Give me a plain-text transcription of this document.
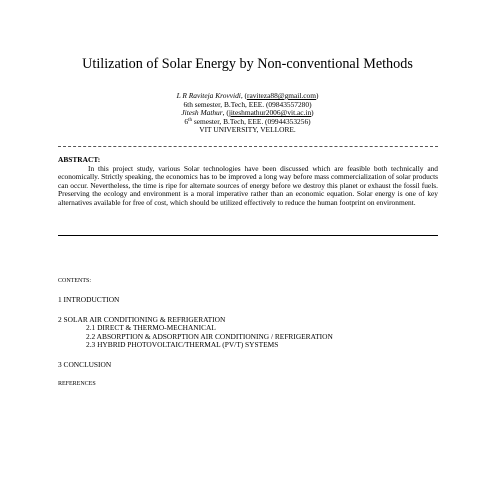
Utilization of Solar Energy by Non-conventional Methods
L R Raviteja Krovvidi, (raviteza88@gmail.com)
6th semester, B.Tech, EEE. (09843557280)
Jitesh Mathur, (jiteshmathur2006@vit.ac.in)
6th semester, B.Tech, EEE. (09944353256)
VIT UNIVERSITY, VELLORE.
ABSTRACT:
In this project study, various Solar technologies have been discussed which are feasible both technically and economically. Strictly speaking, the economics has to be improved a long way before mass commercialization of solar products can occur. Nevertheless, the time is ripe for alternate sources of energy before we destroy this planet or exhaust the fossil fuels. Preserving the ecology and environment is a moral imperative rather than an economic equation. Solar energy is one of key alternatives available for free of cost, which should be utilized effectively to reduce the human footprint on environment.
CONTENTS:
1 INTRODUCTION
2 SOLAR AIR CONDITIONING & REFRIGERATION
2.1 DIRECT & THERMO-MECHANICAL
2.2 ABSORPTION & ADSORPTION AIR CONDITIONING / REFRIGERATION
2.3 HYBRID PHOTOVOLTAIC/THERMAL (PV/T) SYSTEMS
3 CONCLUSION
REFERENCES
